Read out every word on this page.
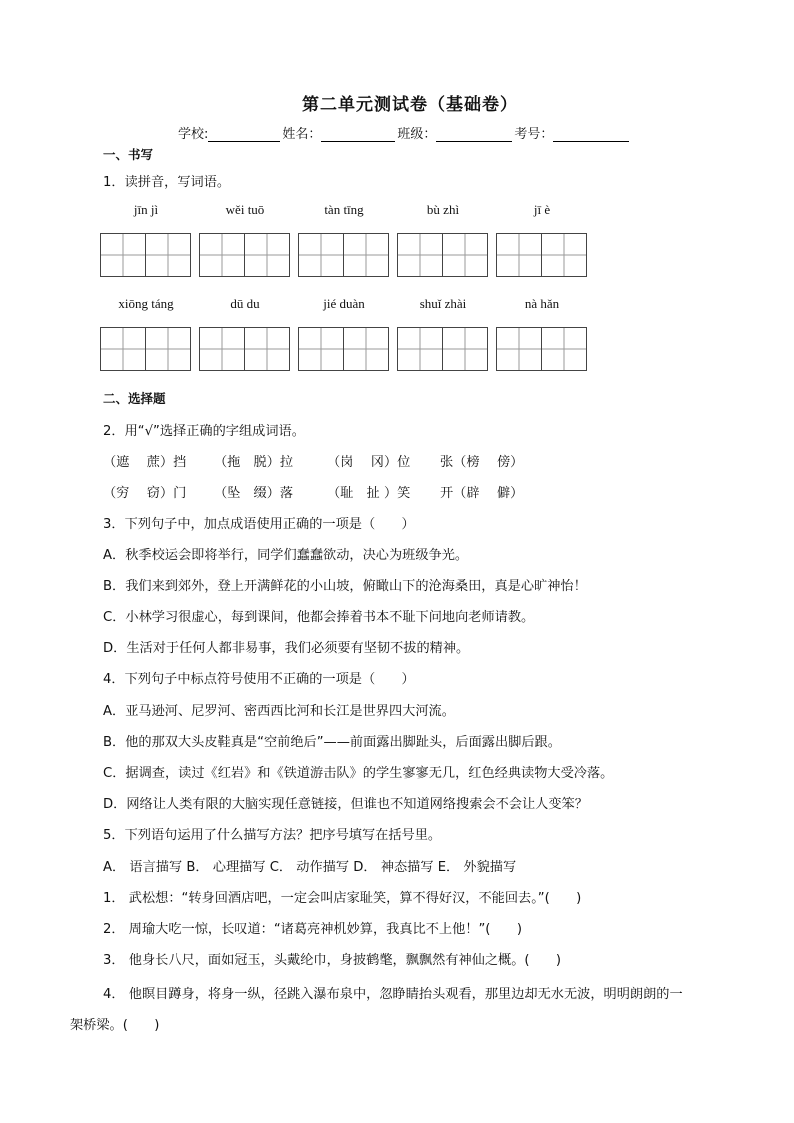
第二单元测试卷（基础卷）
学校:	姓名：	班级：	考号：
一、书写
1．读拼音，写词语。
jīn jì	wěi tuō	tàn tīng	bù zhì	jī è
xiōng táng	dū du	jié duàn	shuǐ zhài	nà hǎn
二、选择题
2．用“√”选择正确的字组成词语。
（遮　 蔗）挡 （拖　脱）拉	（岗　 冈）位 张（榜　 傍）
（穷　 窃）门 （坠　缀）落	（耻　扯 ）笑 开（辟　 僻）
3．下列句子中，加点成语使用正确的一项是（　　）
A．秋季校运会即将举行，同学们蠢蠢欲动，决心为班级争光。
B．我们来到郊外，登上开满鲜花的小山坡，俯瞰山下的沧海桑田，真是心旷神怡！
C．小林学习很虚心，每到课间，他都会捧着书本不耻下问地向老师请教。
D．生活对于任何人都非易事，我们必须要有坚韧不拔的精神。
4．下列句子中标点符号使用不正确的一项是（　　）
A．亚马逊河、尼罗河、密西西比河和长江是世界四大河流。
B．他的那双大头皮鞋真是“空前绝后”——前面露出脚趾头，后面露出脚后跟。
C．据调查，读过《红岩》和《铁道游击队》的学生寥寥无几，红色经典读物大受冷落。
D．网络让人类有限的大脑实现任意链接，但谁也不知道网络搜索会不会让人变笨？
5．下列语句运用了什么描写方法？把序号填写在括号里。
A． 语言描写 B． 心理描写 C． 动作描写 D． 神态描写 E． 外貌描写
1． 武松想：“转身回酒店吧，一定会叫店家耻笑，算不得好汉，不能回去。”(　　)
2． 周瑜大吃一惊，长叹道：“诸葛亮神机妙算，我真比不上他！”(　　)
3． 他身长八尺，面如冠玉，头戴纶巾，身披鹤氅，飘飘然有神仙之概。(　　)
4． 他瞑目蹲身，将身一纵，径跳入瀑布泉中，忽睁睛抬头观看，那里边却无水无波，明明朗朗的一
架桥梁。(　　)
